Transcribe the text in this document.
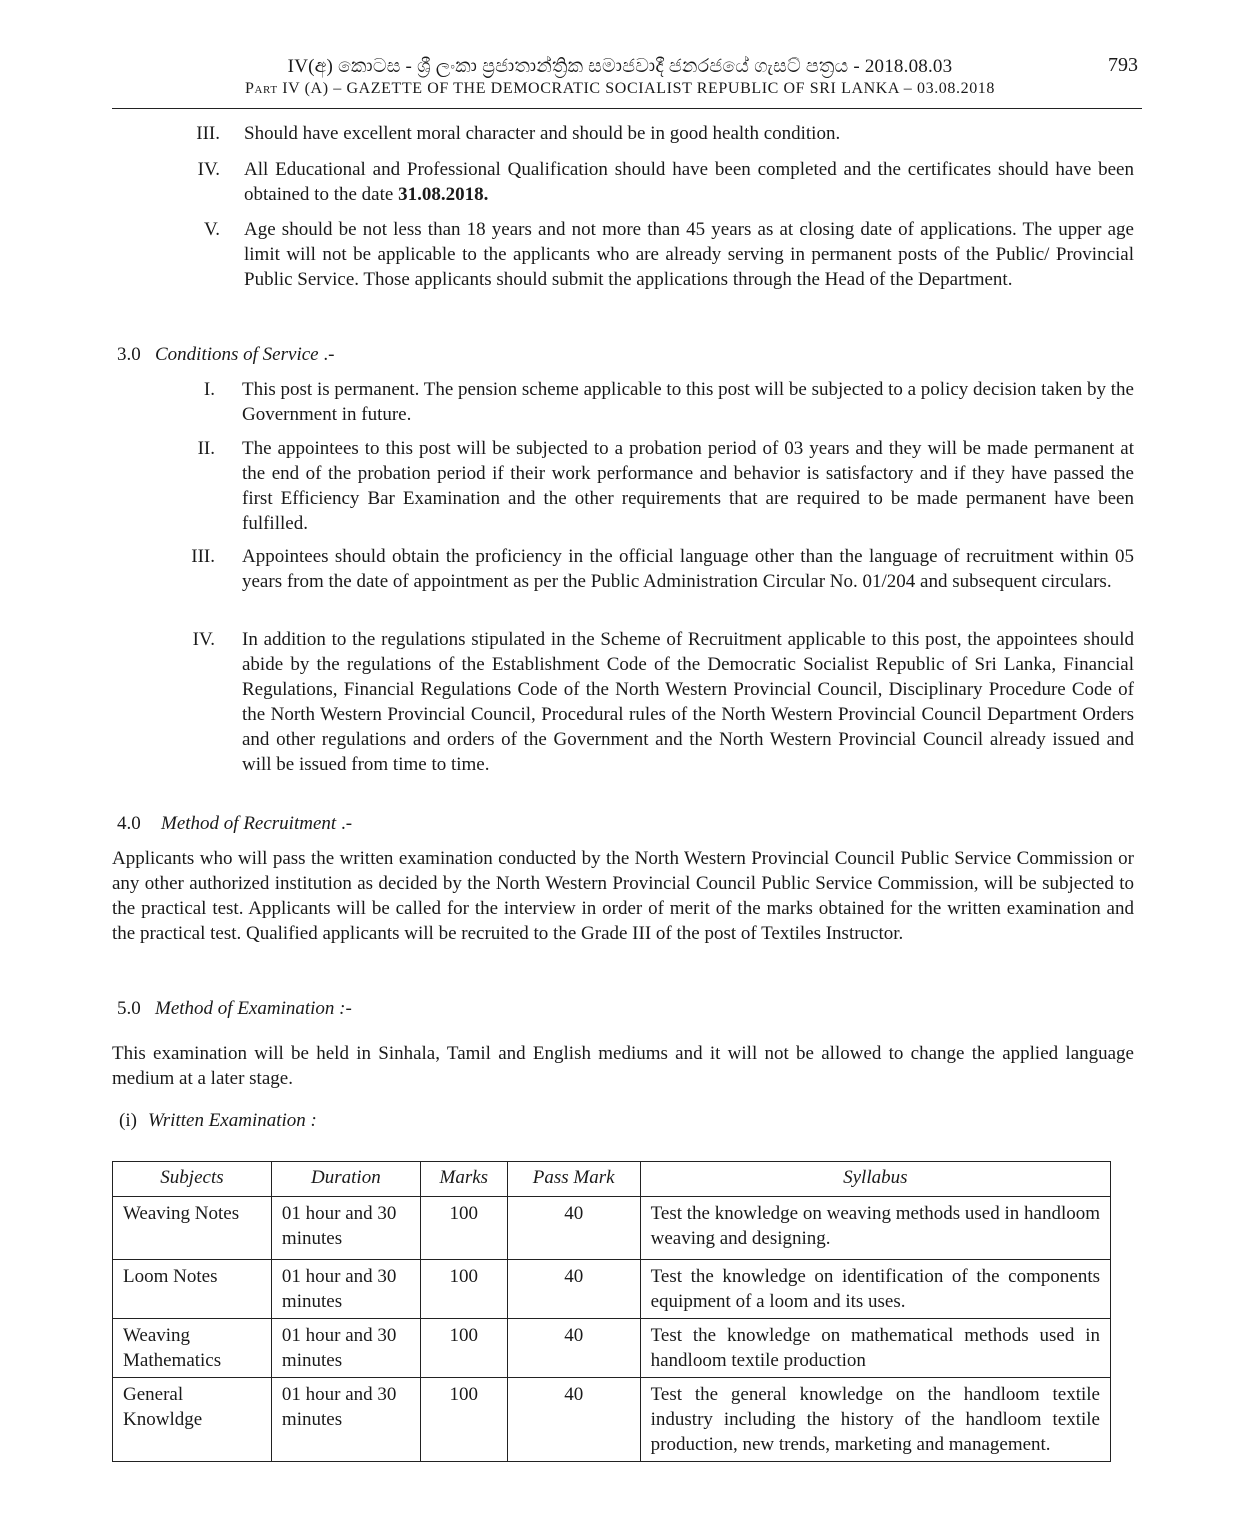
IV(අ) කොටස - ශ්‍රී ලංකා ප්‍රජාතාන්ත්‍රික සමාජවාදී ජනරජයේ ගැසට් පත්‍රය - 2018.08.03
Part IV (A) – GAZETTE OF THE DEMOCRATIC SOCIALIST REPUBLIC OF SRI LANKA – 03.08.2018
793
III. Should have excellent moral character and should be in good health condition.
IV. All Educational and Professional Qualification should have been completed and the certificates should have been obtained to the date 31.08.2018.
V. Age should be not less than 18 years and not more than 45 years as at closing date of applications. The upper age limit will not be applicable to the applicants who are already serving in permanent posts of the Public/ Provincial Public Service. Those applicants should submit the applications through the Head of the Department.
3.0 Conditions of Service .-
I. This post is permanent. The pension scheme applicable to this post will be subjected to a policy decision taken by the Government in future.
II. The appointees to this post will be subjected to a probation period of 03 years and they will be made permanent at the end of the probation period if their work performance and behavior is satisfactory and if they have passed the first Efficiency Bar Examination and the other requirements that are required to be made permanent have been fulfilled.
III. Appointees should obtain the proficiency in the official language other than the language of recruitment within 05 years from the date of appointment as per the Public Administration Circular No. 01/204 and subsequent circulars.
IV. In addition to the regulations stipulated in the Scheme of Recruitment applicable to this post, the appointees should abide by the regulations of the Establishment Code of the Democratic Socialist Republic of Sri Lanka, Financial Regulations, Financial Regulations Code of the North Western Provincial Council, Disciplinary Procedure Code of the North Western Provincial Council, Procedural rules of the North Western Provincial Council Department Orders and other regulations and orders of the Government and the North Western Provincial Council already issued and will be issued from time to time.
4.0 Method of Recruitment .-
Applicants who will pass the written examination conducted by the North Western Provincial Council Public Service Commission or any other authorized institution as decided by the North Western Provincial Council Public Service Commission, will be subjected to the practical test. Applicants will be called for the interview in order of merit of the marks obtained for the written examination and the practical test. Qualified applicants will be recruited to the Grade III of the post of Textiles Instructor.
5.0 Method of Examination :-
This examination will be held in Sinhala, Tamil and English mediums and it will not be allowed to change the applied language medium at a later stage.
(i) Written Examination :
Subjects	Duration	Marks	Pass Mark	Syllabus
Weaving Notes	01 hour and 30 minutes	100	40	Test the knowledge on weaving methods used in handloom weaving and designing.
Loom Notes	01 hour and 30 minutes	100	40	Test the knowledge on identification of the components equipment of a loom and its uses.
Weaving Mathematics	01 hour and 30 minutes	100	40	Test the knowledge on mathematical methods used in handloom textile production
General Knowldge	01 hour and 30 minutes	100	40	Test the general knowledge on the handloom textile industry including the history of the handloom textile production, new trends, marketing and management.
